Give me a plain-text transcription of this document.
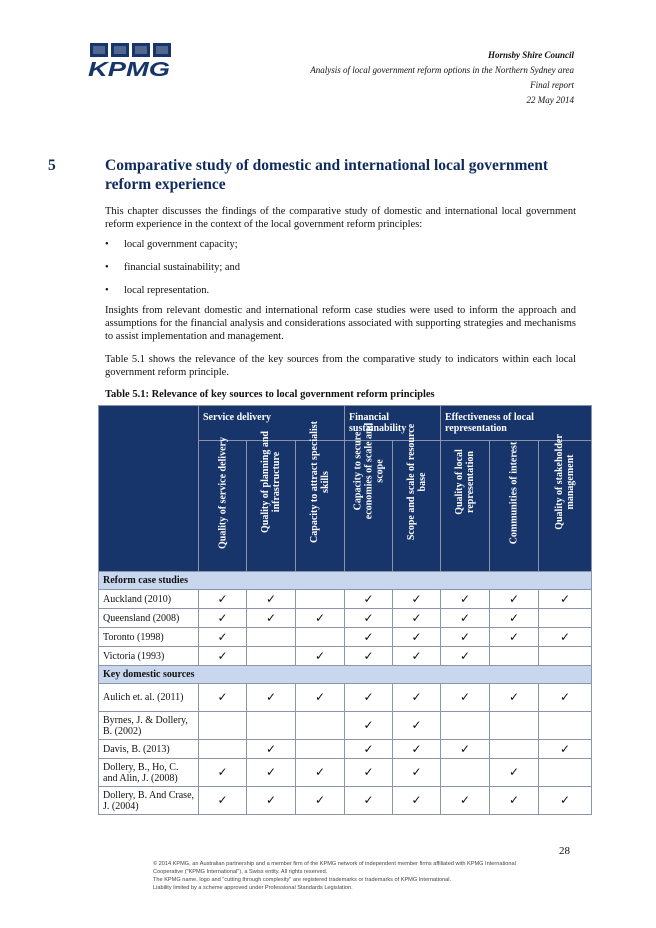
KPMG
Hornsby Shire Council
Analysis of local government reform options in the Northern Sydney area
Final report
22 May 2014
5	Comparative study of domestic and international local government reform experience
This chapter discusses the findings of the comparative study of domestic and international local government reform experience in the context of the local government reform principles:
• local government capacity;
• financial sustainability; and
• local representation.
Insights from relevant domestic and international reform case studies were used to inform the approach and assumptions for the financial analysis and considerations associated with supporting strategies and mechanisms to assist implementation and management.
Table 5.1 shows the relevance of the key sources from the comparative study to indicators within each local government reform principle.
Table 5.1: Relevance of key sources to local government reform principles
	Service delivery			Financial sustainability		Effectiveness of local representation		

	Quality of service delivery	Quality of planning and infrastructure	Capacity to attract specialist skills	Capacity to secure economies of scale and scope	Scope and scale of resource base	Quality of local representation	Communities of interest	Quality of stakeholder management

Reform case studies								
Auckland (2010)	✓	✓		✓	✓	✓	✓	✓
Queensland (2008)	✓	✓	✓	✓	✓	✓	✓	
Toronto (1998)	✓			✓	✓	✓	✓	✓
Victoria (1993)	✓		✓	✓	✓	✓		
Key domestic sources								
Aulich et. al. (2011)	✓	✓	✓	✓	✓	✓	✓	✓
Byrnes, J. & Dollery, B. (2002)				✓	✓			
Davis, B. (2013)		✓		✓	✓	✓		✓
Dollery, B., Ho, C. and Alin, J. (2008)	✓	✓	✓	✓	✓		✓	
Dollery, B. And Crase, J. (2004)	✓	✓	✓	✓	✓	✓	✓	✓
28
© 2014 KPMG, an Australian partnership and a member firm of the KPMG network of independent member firms affiliated with KPMG International Cooperative ("KPMG International"), a Swiss entity. All rights reserved.
The KPMG name, logo and "cutting through complexity" are registered trademarks or trademarks of KPMG International.
Liability limited by a scheme approved under Professional Standards Legislation.
